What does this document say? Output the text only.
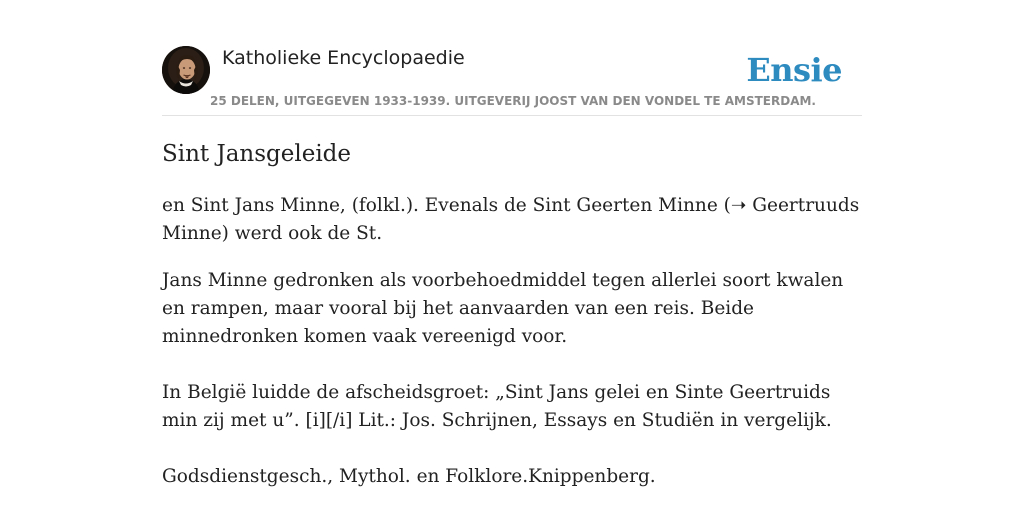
Katholieke Encyclopaedie
25 DELEN, UITGEGEVEN 1933-1939. UITGEVERIJ JOOST VAN DEN VONDEL TE AMSTERDAM.
Ensie
Sint Jansgeleide

en Sint Jans Minne, (folkl.). Evenals de Sint Geerten Minne (➝ Geertruuds Minne) werd ook de St.

Jans Minne gedronken als voorbehoedmiddel tegen allerlei soort kwalen en rampen, maar vooral bij het aanvaarden van een reis. Beide minnedronken komen vaak vereenigd voor.

In België luidde de afscheidsgroet: „Sint Jans gelei en Sinte Geertruids min zij met u”. [i][/i] Lit.: Jos. Schrijnen, Essays en Studiën in vergelijk.

Godsdienstgesch., Mythol. en Folklore.Knippenberg.
